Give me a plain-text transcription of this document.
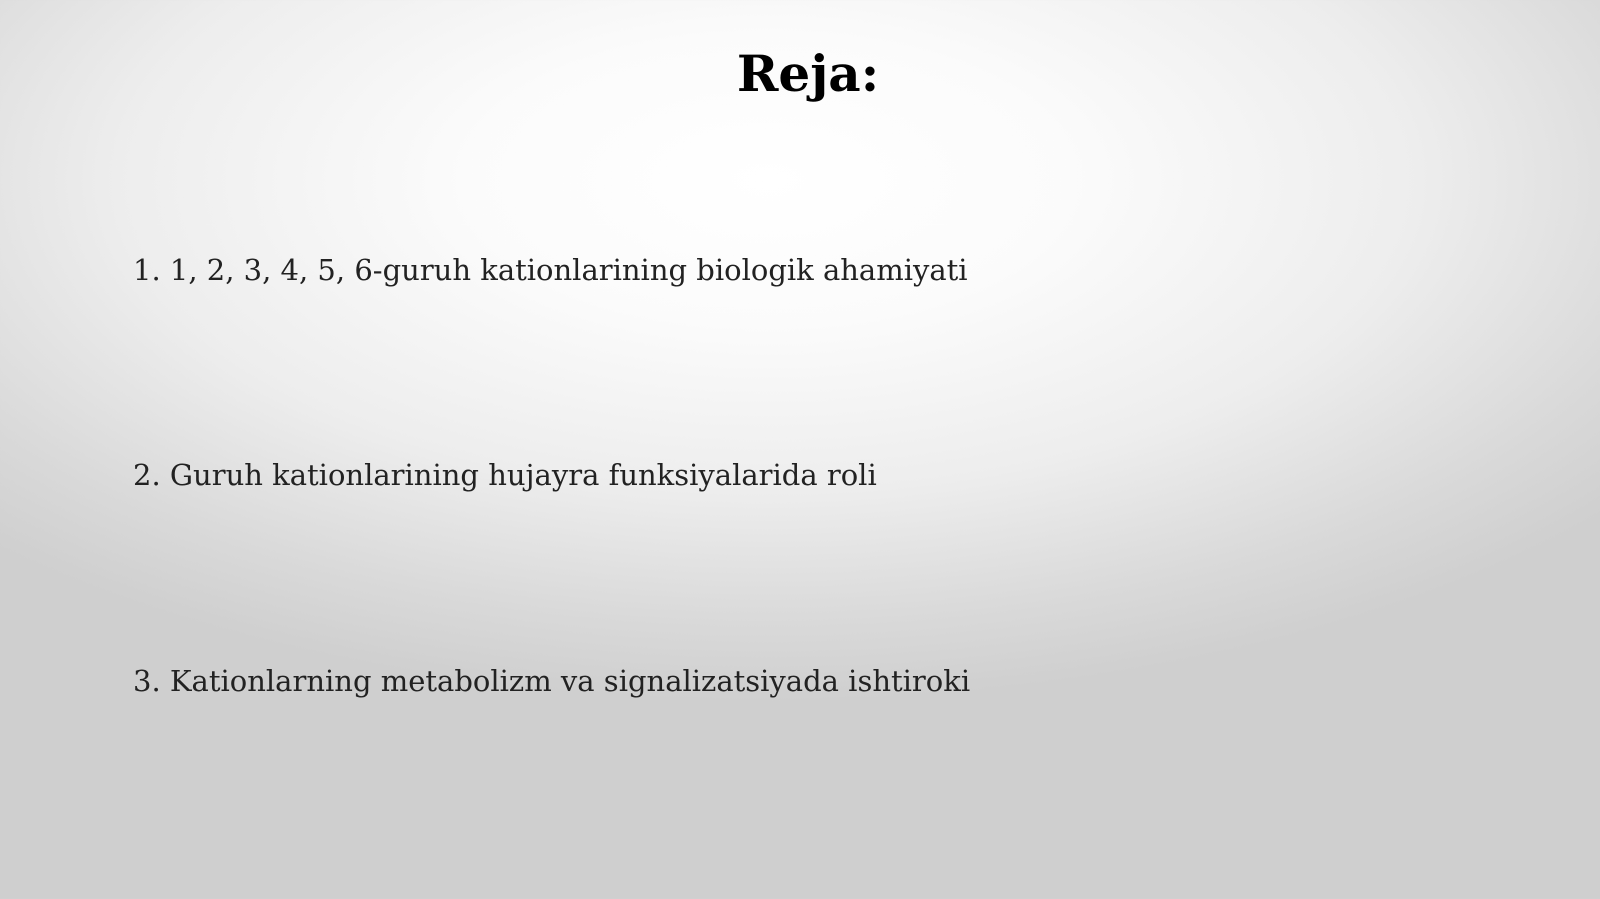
Reja:
1. 1, 2, 3, 4, 5, 6-guruh kationlarining biologik ahamiyati
2. Guruh kationlarining hujayra funksiyalarida roli
3. Kationlarning metabolizm va signalizatsiyada ishtiroki
